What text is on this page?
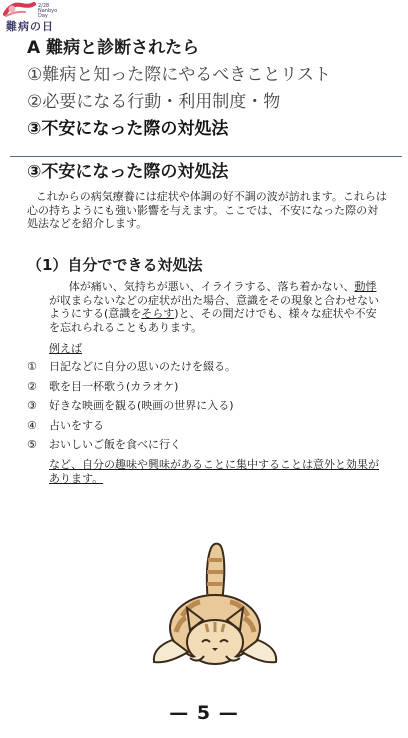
2/28
Nanbyo
Day
難病の日
A 難病と診断されたら
①難病と知った際にやるべきことリスト
②必要になる行動・利用制度・物
③不安になった際の対処法
③不安になった際の対処法
これからの病気療養には症状や体調の好不調の波が訪れます。これらは心の持ちようにも強い影響を与えます。ここでは、不安になった際の対処法などを紹介します。
（1）自分でできる対処法
体が痛い、気持ちが悪い、イライラする、落ち着かない、動悸が収まらないなどの症状が出た場合、意識をその現象と合わせないようにする(意識をそらす)と、その間だけでも、様々な症状や不安を忘れられることもあります。
例えば
① 日記などに自分の思いのたけを綴る。
② 歌を目一杯歌う(カラオケ)
③ 好きな映画を観る(映画の世界に入る)
④ 占いをする
⑤ おいしいご飯を食べに行く
など、自分の趣味や興味があることに集中することは意外と効果があります。
— 5 —
